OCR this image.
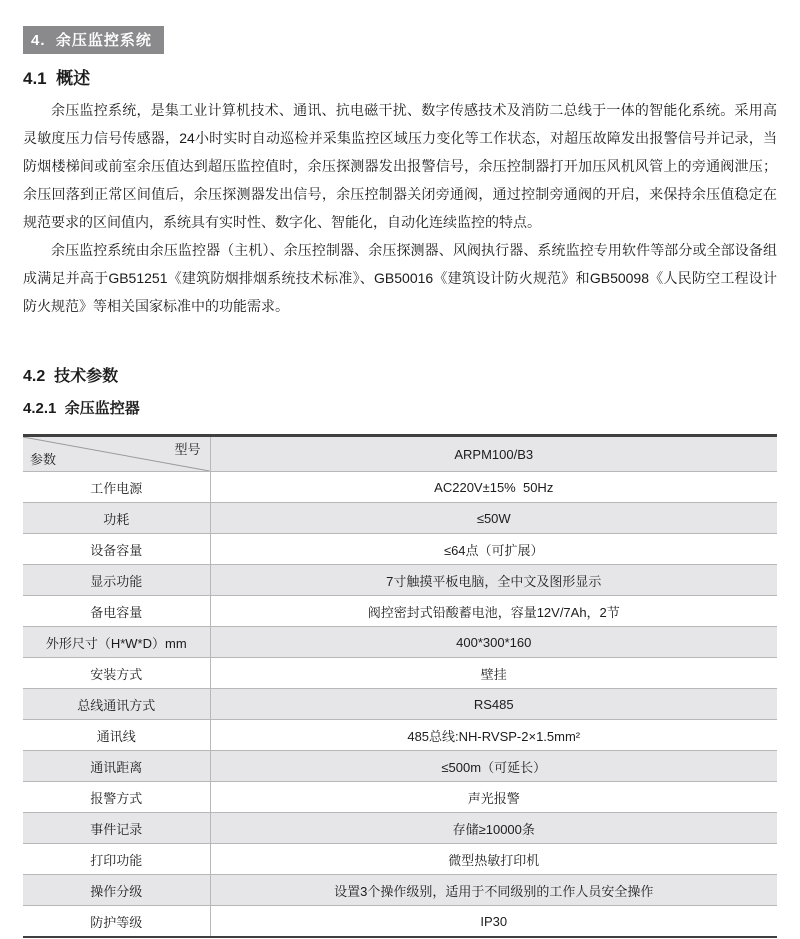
4.  余压监控系统
4.1  概述

余压监控系统，是集工业计算机技术、通讯、抗电磁干扰、数字传感技术及消防二总线于一体的智能化系统。采用高灵敏度压力信号传感器，24小时实时自动巡检并采集监控区域压力变化等工作状态，对超压故障发出报警信号并记录，当防烟楼梯间或前室余压值达到超压监控值时，余压探测器发出报警信号，余压控制器打开加压风机风管上的旁通阀泄压；余压回落到正常区间值后，余压探测器发出信号，余压控制器关闭旁通阀，通过控制旁通阀的开启，来保持余压值稳定在规范要求的区间值内，系统具有实时性、数字化、智能化，自动化连续监控的特点。

余压监控系统由余压监控器（主机）、余压控制器、余压探测器、风阀执行器、系统监控专用软件等部分或全部设备组成满足并高于GB51251《建筑防烟排烟系统技术标准》、GB50016《建筑设计防火规范》和GB50098《人民防空工程设计防火规范》等相关国家标准中的功能需求。

4.2  技术参数
4.2.1  余压监控器
型号
参数	ARPM100/B3
工作电源	AC220V±15%  50Hz
功耗	≤50W
设备容量	≤64点（可扩展）
显示功能	7寸触摸平板电脑，全中文及图形显示
备电容量	阀控密封式铅酸蓄电池，容量12V/7Ah，2节
外形尺寸（H*W*D）mm	400*300*160
安装方式	壁挂
总线通讯方式	RS485
通讯线	485总线:NH-RVSP-2×1.5mm²
通讯距离	≤500m（可延长）
报警方式	声光报警
事件记录	存储≥10000条
打印功能	微型热敏打印机
操作分级	设置3个操作级别，适用于不同级别的工作人员安全操作
防护等级	IP30
